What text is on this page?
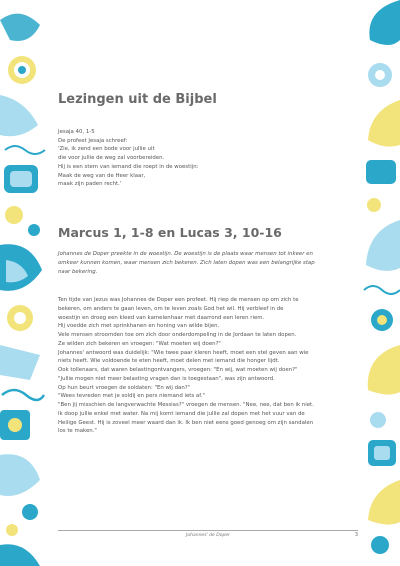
Lezingen uit de Bijbel
Jesaja 40, 1-5
De profeet Jesaja schreef:
'Zie, ik zend een bode voor jullie uit
die voor jullie de weg zal voorbereiden.
Hij is een stem van iemand die roept in de woestijn:
Maak de weg van de Heer klaar,
maak zijn paden recht.'
Marcus 1, 1-8 en Lucas 3, 10-16
Johannes de Doper preekte in de woestijn. De woestijn is de plaats waar mensen tot inkeer en
omkeer kunnen komen, waar mensen zich bekeren. Zich laten dopen was een belangrijke stap
naar bekering.
Ten tijde van Jezus was Johannes de Doper een profeet. Hij riep de mensen op om zich te
bekeren, om anders te gaan leven, om te leven zoals God het wil. Hij verbleef in de
woestijn en droeg een kleed van kamelenhaar met daarrond een leren riem.
Hij voedde zich met sprinkhanen en honing van wilde bijen.
Vele mensen stroomden toe om zich door onderdompeling in de Jordaan te laten dopen.
Ze wilden zich bekeren en vroegen: "Wat moeten wij doen?"
Johannes' antwoord was duidelijk: "Wie twee paar kleren heeft, moet een stel geven aan wie
niets heeft. Wie voldoende te eten heeft, moet delen met iemand die honger lijdt.
Ook tollenaars, dat waren belastingontvangers, vroegen: "En wij, wat moeten wij doen?"
"Jullie mogen niet meer belasting vragen dan is toegestaan", was zijn antwoord.
Op hun beurt vroegen de soldaten: "En wij dan?"
"Wees tevreden met je soldij en pers niemand iets af."
"Ben jij misschien de langverwachte Messias?" vroegen de mensen. "Nee, nee, dat ben ik niet.
Ik doop jullie enkel met water. Na mij komt iemand die jullie zal dopen met het vuur van de
Heilige Geest. Hij is zoveel meer waard dan ik. Ik ben niet eens goed genoeg om zijn sandalen
los te maken."
Johannes' de Doper	3
